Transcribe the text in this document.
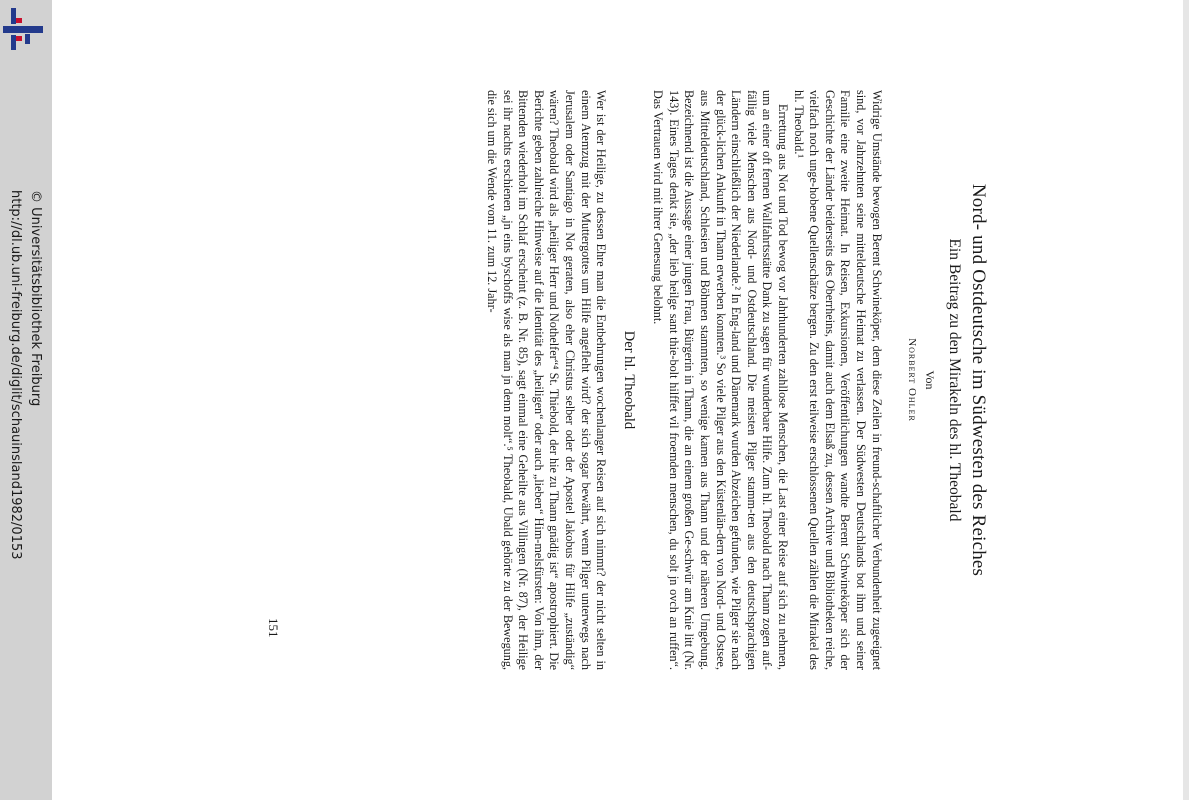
http://dl.ub.uni-freiburg.de/diglit/schauinsland1982/0153 © Universitätsbibliothek Freiburg	Nord- und Ostdeutsche im Südwesten des Reiches
Ein Beitrag zu den Mirakeln des hl. Theobald
Von
Norbert Ohler

Widrige Umstände bewogen Berent Schwineköper, dem diese Zeilen in freund-schaftlicher Verbundenheit zugeeignet sind, vor Jahrzehnten seine mitteldeutsche Heimat zu verlassen. Der Südwesten Deutschlands bot ihm und seiner Familie eine zweite Heimat. In Reisen, Exkursionen, Veröffentlichungen wandte Berent Schwineköper sich der Geschichte der Länder beiderseits des Oberrheins, damit auch dem Elsaß zu, dessen Archive und Bibliotheken reiche, vielfach noch unge-hobene Quellenschätze bergen. Zu den erst teilweise erschlossenen Quellen zählen die Mirakel des hl. Theobald.¹

Errettung aus Not und Tod bewog vor Jahrhunderten zahllose Menschen, die Last einer Reise auf sich zu nehmen, um an einer oft fernen Wallfahrtsstätte Dank zu sagen für wunderbare Hilfe. Zum hl. Theobald nach Thann zogen auf-fällig viele Menschen aus Nord- und Ostdeutschland. Die meisten Pilger stamm-ten aus den deutschsprachigen Ländern einschließlich der Niederlande.² In Eng-land und Dänemark wurden Abzeichen gefunden, wie Pilger sie nach der glück-lichen Ankunft in Thann erwerben konnten.³ So viele Pilger aus den Küstenlän-dern von Nord- und Ostsee, aus Mitteldeutschland, Schlesien und Böhmen stammten, so wenige kamen aus Thann und der näheren Umgebung. Bezeichnend ist die Aussage einer jungen Frau, Bürgerin in Thann, die an einem großen Ge-schwür am Knie litt (Nr. 143). Eines Tages denkt sie, „der lieb heilge sant thie-bolt hilffet vil froemden menschen, du solt jn ovch an ruffen“. Das Vertrauen wird mit ihrer Genesung belohnt.

Der hl. Theobald

Wer ist der Heilige, zu dessen Ehre man die Entbehrungen wochenlanger Reisen auf sich nimmt? der nicht selten in einem Atemzug mit der Muttergottes um Hilfe angefleht wird? der sich sogar bewährt, wenn Pilger unterwegs nach Jerusalem oder Santiago in Not geraten, also eher Christus selber oder der Apostel Jakobus für Hilfe „zuständig“ wären? Theobald wird als „heiliger Herr und Nothelfer“⁴ St. Thiebold, der hie zu Thann gnädig ist“ apostrophiert. Die Berichte geben zahlreiche Hinweise auf die Identität des „heiligen“ oder auch „lieben“ Him-melsfürsten: Von ihm, der Bittenden wiederholt im Schlaf erscheint (z. B. Nr. 85), sagt einmal eine Geheilte aus Villingen (Nr. 87), der Heilige sei ihr nachts erschienen „jn eins byschoffs wise als man jn denn molt“.⁵ Theobald, Ubald gehörte zu der Bewegung, die sich um die Wende vom 11. zum 12. Jahr-

151
